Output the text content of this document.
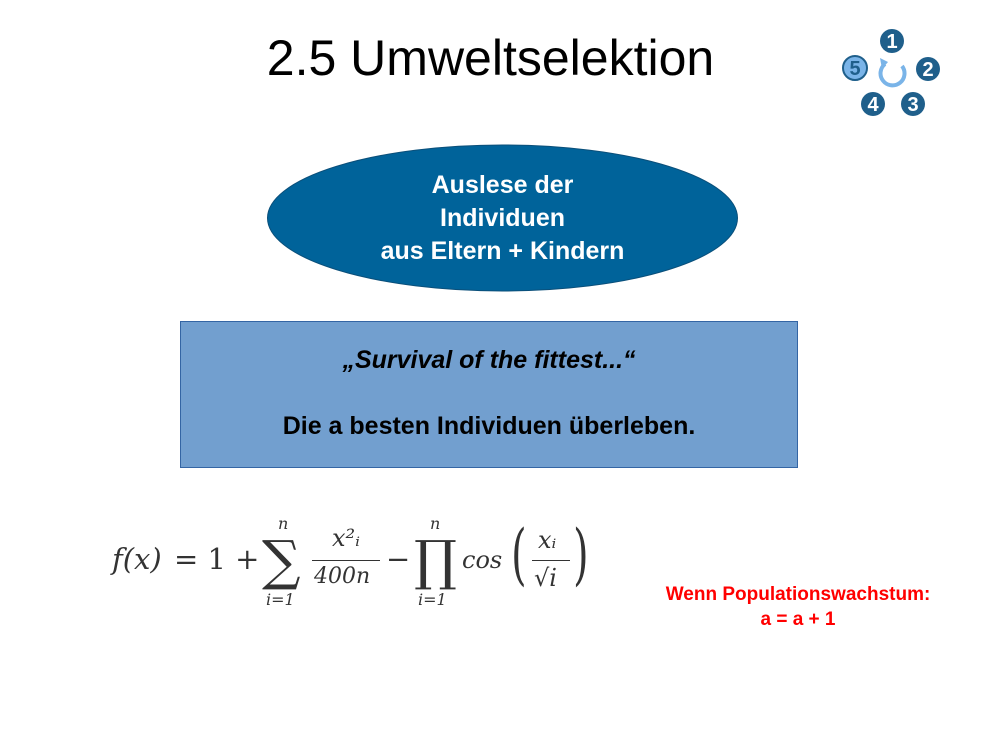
2.5 Umweltselektion	1
2
3
4
5
Auslese der
Individuen
aus Eltern + Kindern
„Survival of the fittest...“
Die a besten Individuen überleben.
f(x) = 1 +
n
∑
i=1
x²ᵢ
400n
−
n
∏
i=1
cos ( xᵢ
√i )
Wenn Populationswachstum:
a = a + 1
